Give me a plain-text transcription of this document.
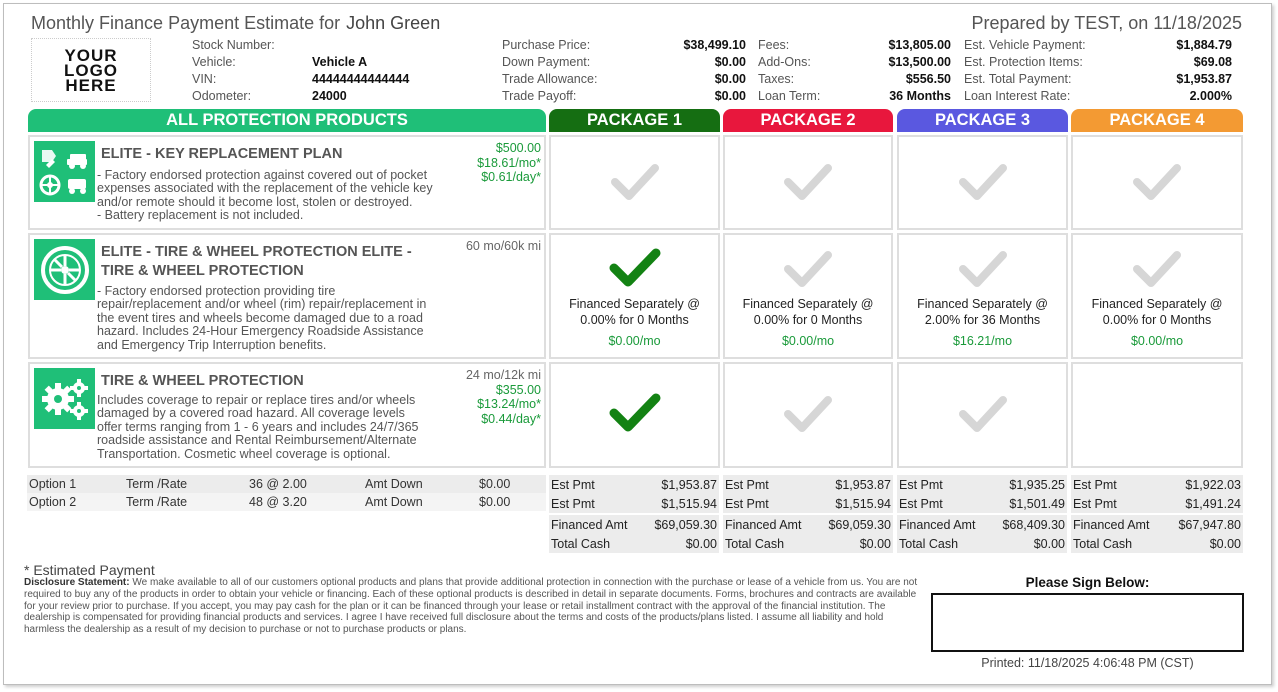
Monthly Finance Payment Estimate for John Green	Prepared by TEST, on 11/18/2025
YOUR
LOGO
HERE
Stock Number:
Vehicle:	Vehicle A
VIN:	44444444444444
Odometer:	24000
Purchase Price:	$38,499.10
Down Payment:	$0.00
Trade Allowance:	$0.00
Trade Payoff:	$0.00
Fees:	$13,805.00
Add-Ons:	$13,500.00
Taxes:	$556.50
Loan Term:	36 Months
Est. Vehicle Payment:	$1,884.79
Est. Protection Items:	$69.08
Est. Total Payment:	$1,953.87
Loan Interest Rate:	2.000%
ALL PROTECTION PRODUCTS	PACKAGE 1	PACKAGE 2	PACKAGE 3	PACKAGE 4
ELITE - KEY REPLACEMENT PLAN	$500.00
$18.61/mo*
$0.61/day*
- Factory endorsed protection against covered out of pocket
expenses associated with the replacement of the vehicle key
and/or remote should it become lost, stolen or destroyed.
- Battery replacement is not included.
ELITE - TIRE & WHEEL PROTECTION ELITE -
TIRE & WHEEL PROTECTION
60 mo/60k mi
- Factory endorsed protection providing tire
repair/replacement and/or wheel (rim) repair/replacement in
the event tires and wheels become damaged due to a road
hazard. Includes 24-Hour Emergency Roadside Assistance
and Emergency Trip Interruption benefits.
TIRE & WHEEL PROTECTION	24 mo/12k mi
$355.00
$13.24/mo*
$0.44/day*
Includes coverage to repair or replace tires and/or wheels
damaged by a covered road hazard. All coverage levels
offer terms ranging from 1 - 6 years and includes 24/7/365
roadside assistance and Rental Reimbursement/Alternate
Transportation. Cosmetic wheel coverage is optional.
Financed Separately @
0.00% for 0 Months
$0.00/mo
Financed Separately @
0.00% for 0 Months
$0.00/mo
Financed Separately @
2.00% for 36 Months
$16.21/mo
Financed Separately @
0.00% for 0 Months
$0.00/mo
Option 1	Term /Rate	36 @ 2.00	Amt Down	$0.00
Option 2	Term /Rate	48 @ 3.20	Amt Down	$0.00
Est Pmt	$1,953.87
Est Pmt	$1,515.94
Financed Amt $69,059.30
Total Cash	$0.00
Est Pmt	$1,953.87
Est Pmt	$1,515.94
Financed Amt $69,059.30
Total Cash	$0.00
Est Pmt	$1,935.25
Est Pmt	$1,501.49
Financed Amt $68,409.30
Total Cash	$0.00
Est Pmt	$1,922.03
Est Pmt	$1,491.24
Financed Amt $67,947.80
Total Cash	$0.00
* Estimated Payment
Disclosure Statement: We make available to all of our customers optional products and plans that provide additional protection in connection with the purchase or lease of a vehicle from us. You are not required to buy any of the products in order to obtain your vehicle or financing. Each of these optional products is described in detail in separate documents. Forms, brochures and contracts are available for your review prior to purchase. If you accept, you may pay cash for the plan or it can be financed through your lease or retail installment contract with the approval of the financial institution. The dealership is compensated for providing financial products and services. I agree I have received full disclosure about the terms and costs of the products/plans listed. I assume all liability and hold harmless the dealership as a result of my decision to purchase or not to purchase products or plans.
Please Sign Below:
Printed: 11/18/2025 4:06:48 PM (CST)
